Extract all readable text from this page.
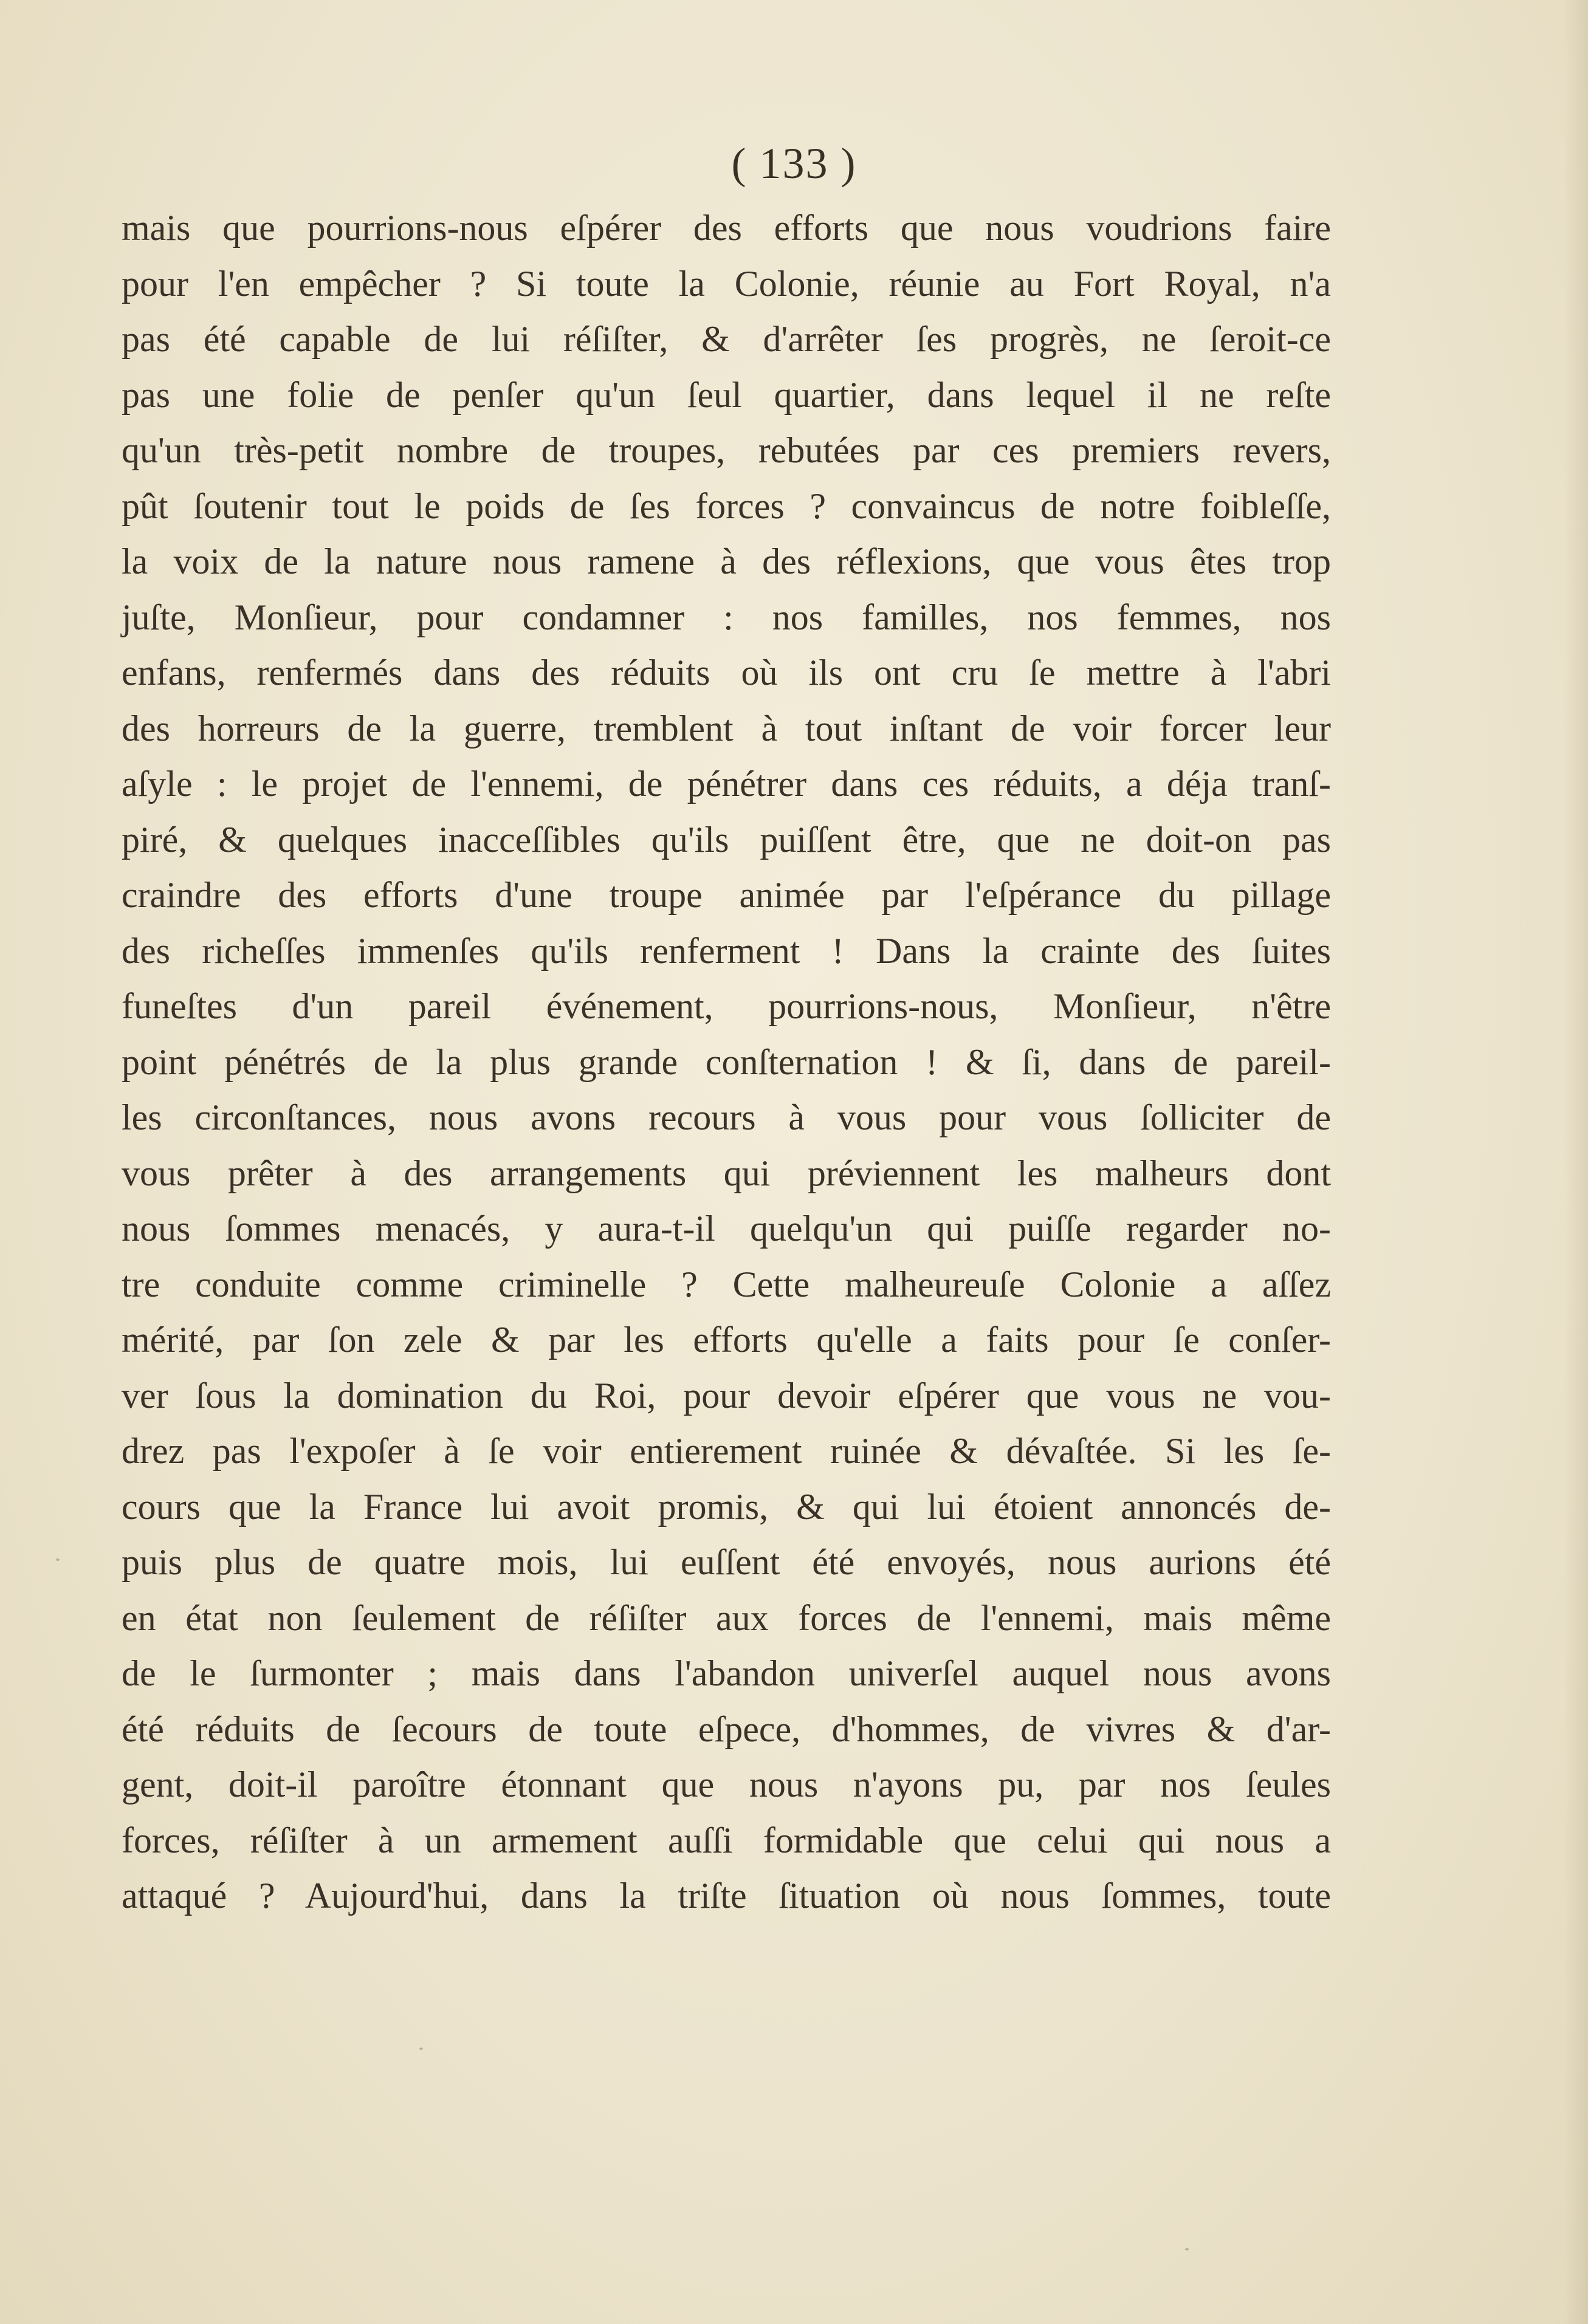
( 133 )
mais que pourrions-nous eſpérer des efforts que nous voudrions faire
pour l'en empêcher ? Si toute la Colonie, réunie au Fort Royal, n'a
pas été capable de lui réſiſter, & d'arrêter ſes progrès, ne ſeroit-ce
pas une folie de penſer qu'un ſeul quartier, dans lequel il ne reſte
qu'un très-petit nombre de troupes, rebutées par ces premiers revers,
pût ſoutenir tout le poids de ſes forces ? convaincus de notre foibleſſe,
la voix de la nature nous ramene à des réflexions, que vous êtes trop
juſte, Monſieur, pour condamner : nos familles, nos femmes, nos
enfans, renfermés dans des réduits où ils ont cru ſe mettre à l'abri
des horreurs de la guerre, tremblent à tout inſtant de voir forcer leur
aſyle : le projet de l'ennemi, de pénétrer dans ces réduits, a déja tranſ-
piré, & quelques inacceſſibles qu'ils puiſſent être, que ne doit-on pas
craindre des efforts d'une troupe animée par l'eſpérance du pillage
des richeſſes immenſes qu'ils renferment ! Dans la crainte des ſuites
funeſtes d'un pareil événement, pourrions-nous, Monſieur, n'être
point pénétrés de la plus grande conſternation ! & ſi, dans de pareil-
les circonſtances, nous avons recours à vous pour vous ſolliciter de
vous prêter à des arrangements qui préviennent les malheurs dont
nous ſommes menacés, y aura-t-il quelqu'un qui puiſſe regarder no-
tre conduite comme criminelle ? Cette malheureuſe Colonie a aſſez
mérité, par ſon zele & par les efforts qu'elle a faits pour ſe conſer-
ver ſous la domination du Roi, pour devoir eſpérer que vous ne vou-
drez pas l'expoſer à ſe voir entierement ruinée & dévaſtée. Si les ſe-
cours que la France lui avoit promis, & qui lui étoient annoncés de-
puis plus de quatre mois, lui euſſent été envoyés, nous aurions été
en état non ſeulement de réſiſter aux forces de l'ennemi, mais même
de le ſurmonter ; mais dans l'abandon univerſel auquel nous avons
été réduits de ſecours de toute eſpece, d'hommes, de vivres & d'ar-
gent, doit-il paroître étonnant que nous n'ayons pu, par nos ſeules
forces, réſiſter à un armement auſſi formidable que celui qui nous a
attaqué ? Aujourd'hui, dans la triſte ſituation où nous ſommes, toute
